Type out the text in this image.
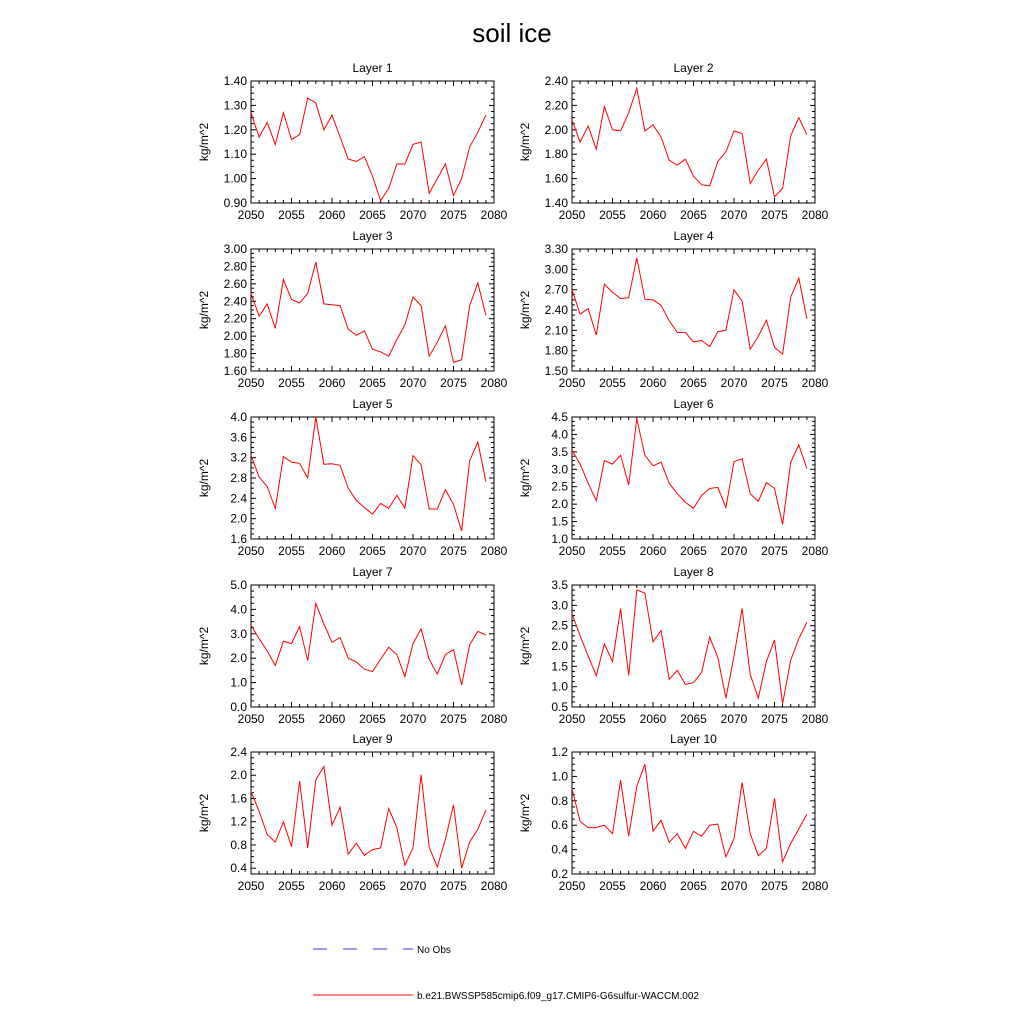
soil ice
Layer 1
kg/m^2
2050 2055 2060 2065 2070 2075 2080
0.90
1.00
1.10
1.20
1.30
1.40
Layer 2
kg/m^2
2050 2055 2060 2065 2070 2075 2080
1.40
1.60
1.80
2.00
2.20
2.40
Layer 3
kg/m^2
2050 2055 2060 2065 2070 2075 2080
1.60
1.80
2.00
2.20
2.40
2.60
2.80
3.00
Layer 4
kg/m^2
2050 2055 2060 2065 2070 2075 2080
1.50
1.80
2.10
2.40
2.70
3.00
3.30
Layer 5
kg/m^2
2050 2055 2060 2065 2070 2075 2080
1.6
2.0
2.4
2.8
3.2
3.6
4.0
Layer 6
kg/m^2
2050 2055 2060 2065 2070 2075 2080
1.0
1.5
2.0
2.5
3.0
3.5
4.0
4.5
Layer 7
kg/m^2
2050 2055 2060 2065 2070 2075 2080
0.0
1.0
2.0
3.0
4.0
5.0
Layer 8
kg/m^2
2050 2055 2060 2065 2070 2075 2080
0.5
1.0
1.5
2.0
2.5
3.0
3.5
Layer 9
kg/m^2
2050 2055 2060 2065 2070 2075 2080
0.4
0.8
1.2
1.6
2.0
2.4
Layer 10
kg/m^2
2050 2055 2060 2065 2070 2075 2080
0.2
0.4
0.6
0.8
1.0
1.2
No Obs
b.e21.BWSSP585cmip6.f09_g17.CMIP6-G6sulfur-WACCM.002
